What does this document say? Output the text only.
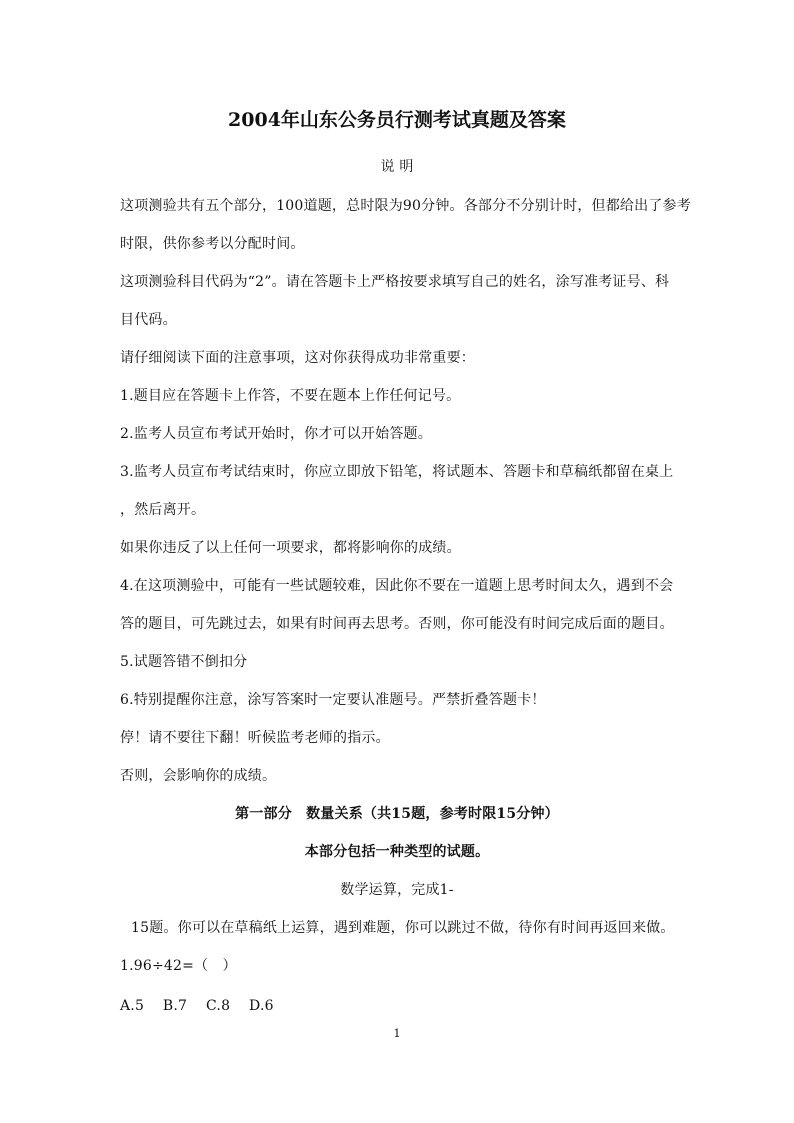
2004年山东公务员行测考试真题及答案
说 明
这项测验共有五个部分，100道题，总时限为90分钟。各部分不分别计时，但都给出了参考
时限，供你参考以分配时间。
这项测验科目代码为“2”。请在答题卡上严格按要求填写自己的姓名，涂写准考证号、科
目代码。
请仔细阅读下面的注意事项，这对你获得成功非常重要：
1.题目应在答题卡上作答，不要在题本上作任何记号。
2.监考人员宣布考试开始时，你才可以开始答题。
3.监考人员宣布考试结束时，你应立即放下铅笔，将试题本、答题卡和草稿纸都留在桌上
，然后离开。
如果你违反了以上任何一项要求，都将影响你的成绩。
4.在这项测验中，可能有一些试题较难，因此你不要在一道题上思考时间太久，遇到不会
答的题目，可先跳过去，如果有时间再去思考。否则，你可能没有时间完成后面的题目。
5.试题答错不倒扣分
6.特别提醒你注意，涂写答案时一定要认准题号。严禁折叠答题卡！
停！请不要往下翻！听候监考老师的指示。
否则，会影响你的成绩。
第一部分　数量关系（共15题，参考时限15分钟）
本部分包括一种类型的试题。
数学运算，完成1-
15题。你可以在草稿纸上运算，遇到难题，你可以跳过不做，待你有时间再返回来做。
1.96÷42=（　）
A.5　 B.7　 C.8　 D.6
1
